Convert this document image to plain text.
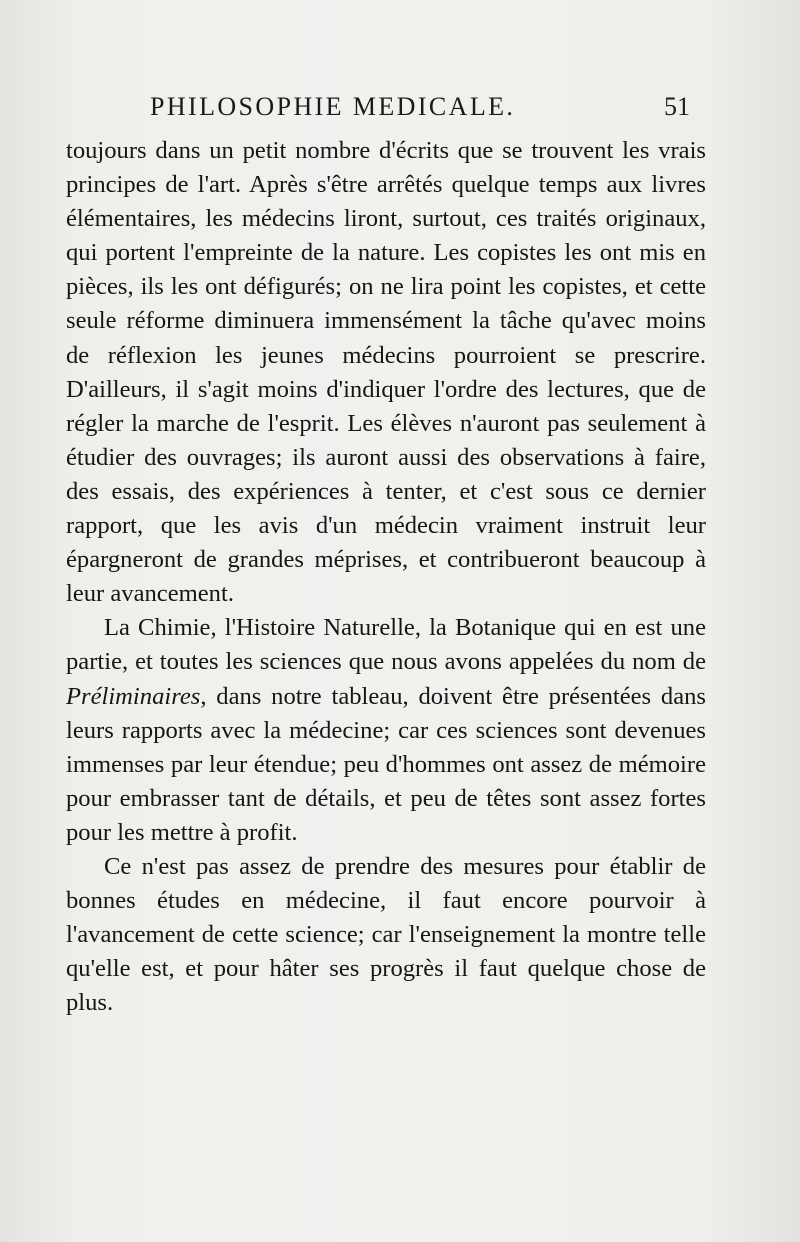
PHILOSOPHIE MEDICALE.	51

toujours dans un petit nombre d'écrits que se trouvent les vrais principes de l'art. Après s'être arrêtés quelque temps aux livres élémentaires, les médecins liront, surtout, ces traités originaux, qui portent l'empreinte de la nature. Les copistes les ont mis en pièces, ils les ont défigurés; on ne lira point les copistes, et cette seule réforme diminuera immensément la tâche qu'avec moins de réflexion les jeunes médecins pourroient se prescrire. D'ailleurs, il s'agit moins d'indiquer l'ordre des lectures, que de régler la marche de l'esprit. Les élèves n'auront pas seulement à étudier des ouvrages; ils auront aussi des observations à faire, des essais, des expériences à tenter, et c'est sous ce dernier rapport, que les avis d'un médecin vraiment instruit leur épargneront de grandes méprises, et contribueront beaucoup à leur avancement.

La Chimie, l'Histoire Naturelle, la Botanique qui en est une partie, et toutes les sciences que nous avons appelées du nom de Préliminaires, dans notre tableau, doivent être présentées dans leurs rapports avec la médecine; car ces sciences sont devenues immenses par leur étendue; peu d'hommes ont assez de mémoire pour embrasser tant de détails, et peu de têtes sont assez fortes pour les mettre à profit.

Ce n'est pas assez de prendre des mesures pour établir de bonnes études en médecine, il faut encore pourvoir à l'avancement de cette science; car l'enseignement la montre telle qu'elle est, et pour hâter ses progrès il faut quelque chose de plus.
